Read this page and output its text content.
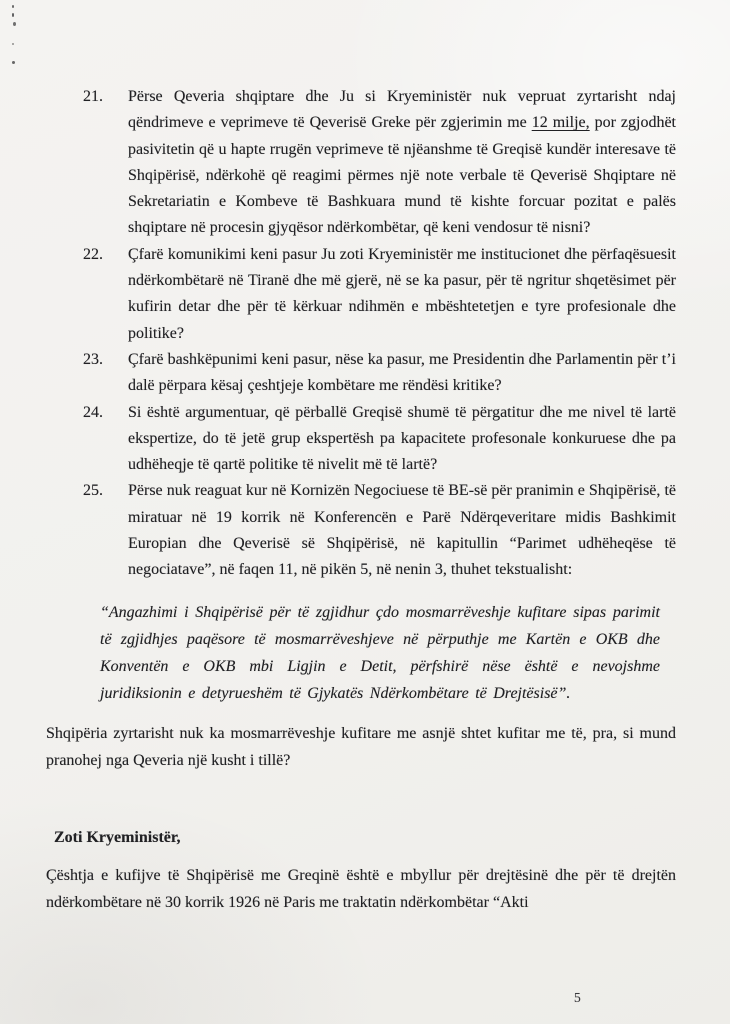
21.	Përse Qeveria shqiptare dhe Ju si Kryeministër nuk vepruat zyrtarisht ndaj qëndrimeve e veprimeve të Qeverisë Greke për zgjerimin me 12 milje, por zgjodhët pasivitetin që u hapte rrugën veprimeve të njëanshme të Greqisë kundër interesave të Shqipërisë, ndërkohë që reagimi përmes një note verbale të Qeverisë Shqiptare në Sekretariatin e Kombeve të Bashkuara mund të kishte forcuar pozitat e palës shqiptare në procesin gjyqësor ndërkombëtar, që keni vendosur të nisni?

22.	Çfarë komunikimi keni pasur Ju zoti Kryeministër me institucionet dhe përfaqësuesit ndërkombëtarë në Tiranë dhe më gjerë, në se ka pasur, për të ngritur shqetësimet për kufirin detar dhe për të kërkuar ndihmën e mbështetetjen e tyre profesionale dhe politike?

23.	Çfarë bashkëpunimi keni pasur, nëse ka pasur, me Presidentin dhe Parlamentin për t’i dalë përpara kësaj çeshtjeje kombëtare me rëndësi kritike?

24.	Si është argumentuar, që përballë Greqisë shumë të përgatitur dhe me nivel të lartë ekspertize, do të jetë grup ekspertësh pa kapacitete profesonale konkuruese dhe pa udhëheqje të qartë politike të nivelit më të lartë?

25.	Përse nuk reaguat kur në Kornizën Negociuese të BE-së për pranimin e Shqipërisë, të miratuar në 19 korrik në Konferencën e Parë Ndërqeveritare midis Bashkimit Europian dhe Qeverisë së Shqipërisë, në kapitullin “Parimet udhëheqëse të negociatave”, në faqen 11, në pikën 5, në nenin 3, thuhet tekstualisht:

“Angazhimi i Shqipërisë për të zgjidhur çdo mosmarrëveshje kufitare sipas parimit të zgjidhjes paqësore të mosmarrëveshjeve në përputhje me Kartën e OKB dhe Konventën e OKB mbi Ligjin e Detit, përfshirë nëse është e nevojshme juridiksionin e detyrueshëm të Gjykatës Ndërkombëtare të Drejtësisë”.

Shqipëria zyrtarisht nuk ka mosmarrëveshje kufitare me asnjë shtet kufitar me të, pra, si mund pranohej nga Qeveria një kusht i tillë?

Zoti Kryeministër,

Çështja e kufijve të Shqipërisë me Greqinë është e mbyllur për drejtësinë dhe për të drejtën ndërkombëtare në 30 korrik 1926 në Paris me traktatin ndërkombëtar “Akti

5
